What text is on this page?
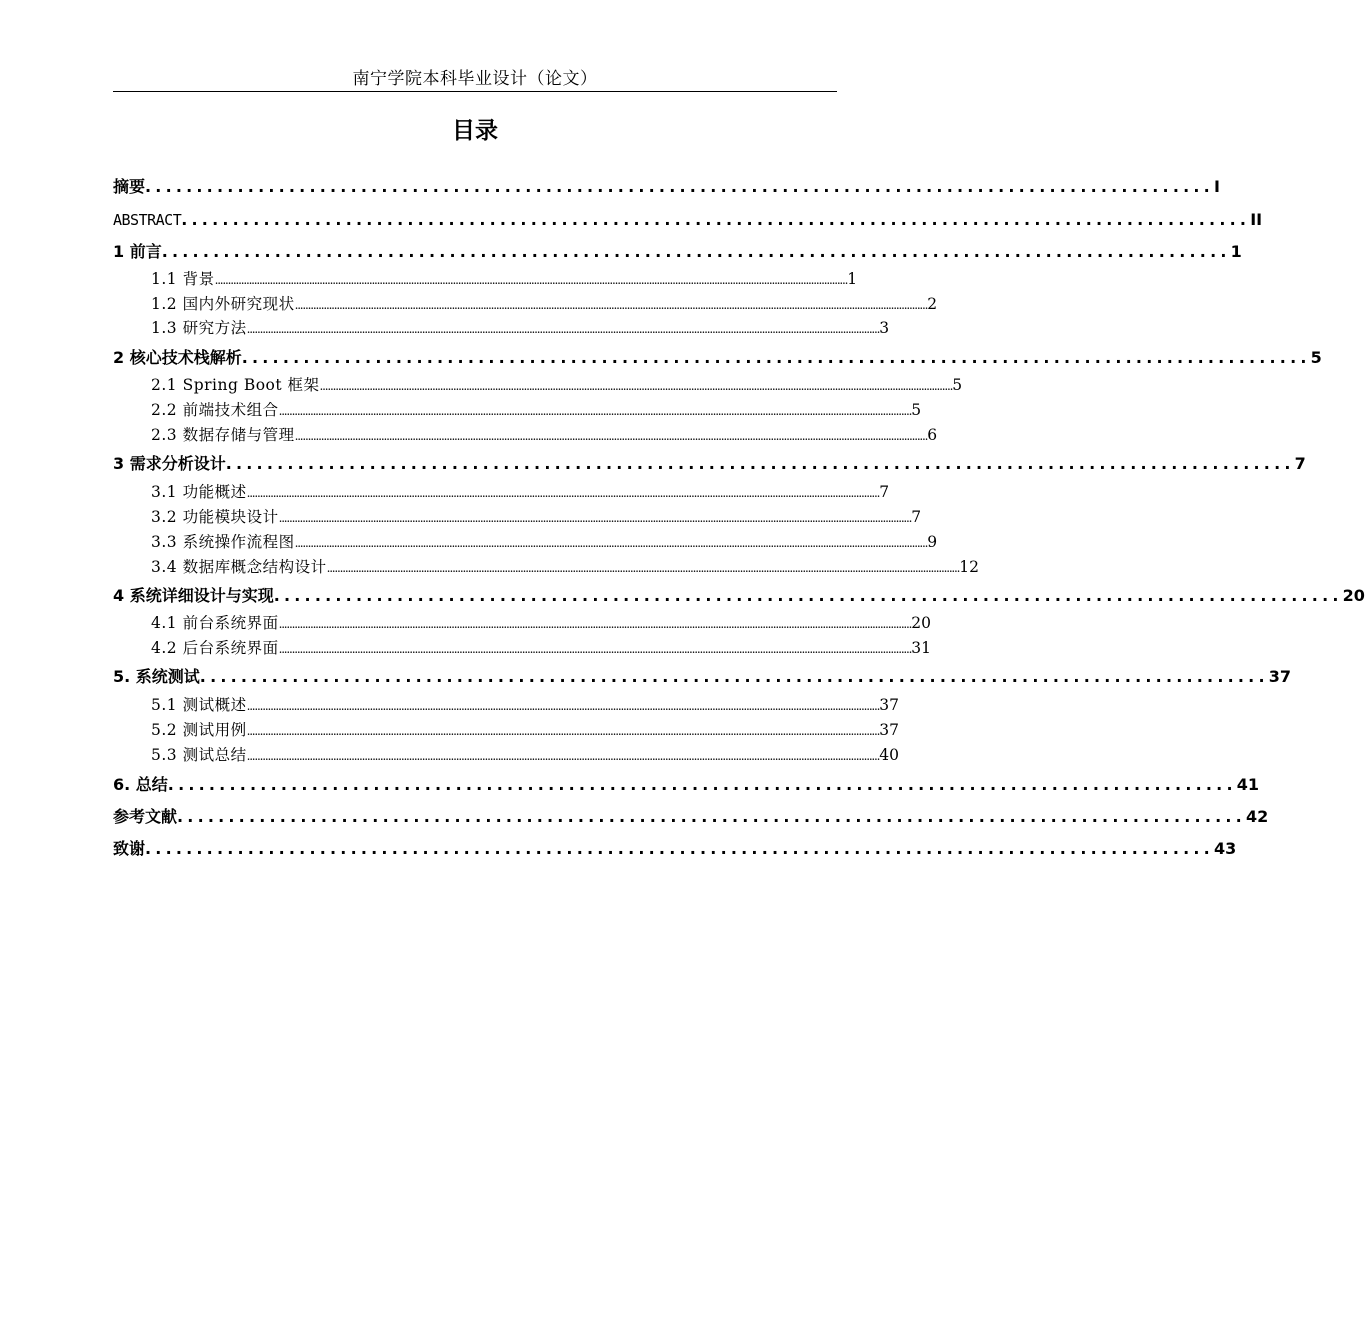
南宁学院本科毕业设计（论文）
目录
摘要 ........................................................................................................ I
ABSTRACT ........................................................................................................ II
1 前言 ........................................................................................................ 1
1.1 背景 .................................................................................................................................................................................................................................................. 1
1.2 国内外研究现状 .................................................................................................................................................................................................................................................. 2
1.3 研究方法 .................................................................................................................................................................................................................................................. 3
2 核心技术栈解析 ........................................................................................................ 5
2.1 Spring Boot 框架 .................................................................................................................................................................................................................................................. 5
2.2 前端技术组合 .................................................................................................................................................................................................................................................. 5
2.3 数据存储与管理 .................................................................................................................................................................................................................................................. 6
3 需求分析设计 ........................................................................................................ 7
3.1 功能概述 .................................................................................................................................................................................................................................................. 7
3.2 功能模块设计 .................................................................................................................................................................................................................................................. 7
3.3 系统操作流程图 .................................................................................................................................................................................................................................................. 9
3.4 数据库概念结构设计 .................................................................................................................................................................................................................................................. 12
4 系统详细设计与实现 ........................................................................................................ 20
4.1 前台系统界面 .................................................................................................................................................................................................................................................. 20
4.2 后台系统界面 .................................................................................................................................................................................................................................................. 31
5. 系统测试 ........................................................................................................ 37
5.1 测试概述 .................................................................................................................................................................................................................................................. 37
5.2 测试用例 .................................................................................................................................................................................................................................................. 37
5.3 测试总结 .................................................................................................................................................................................................................................................. 40
6. 总结 ........................................................................................................ 41
参考文献 ........................................................................................................ 42
致谢 ........................................................................................................ 43
